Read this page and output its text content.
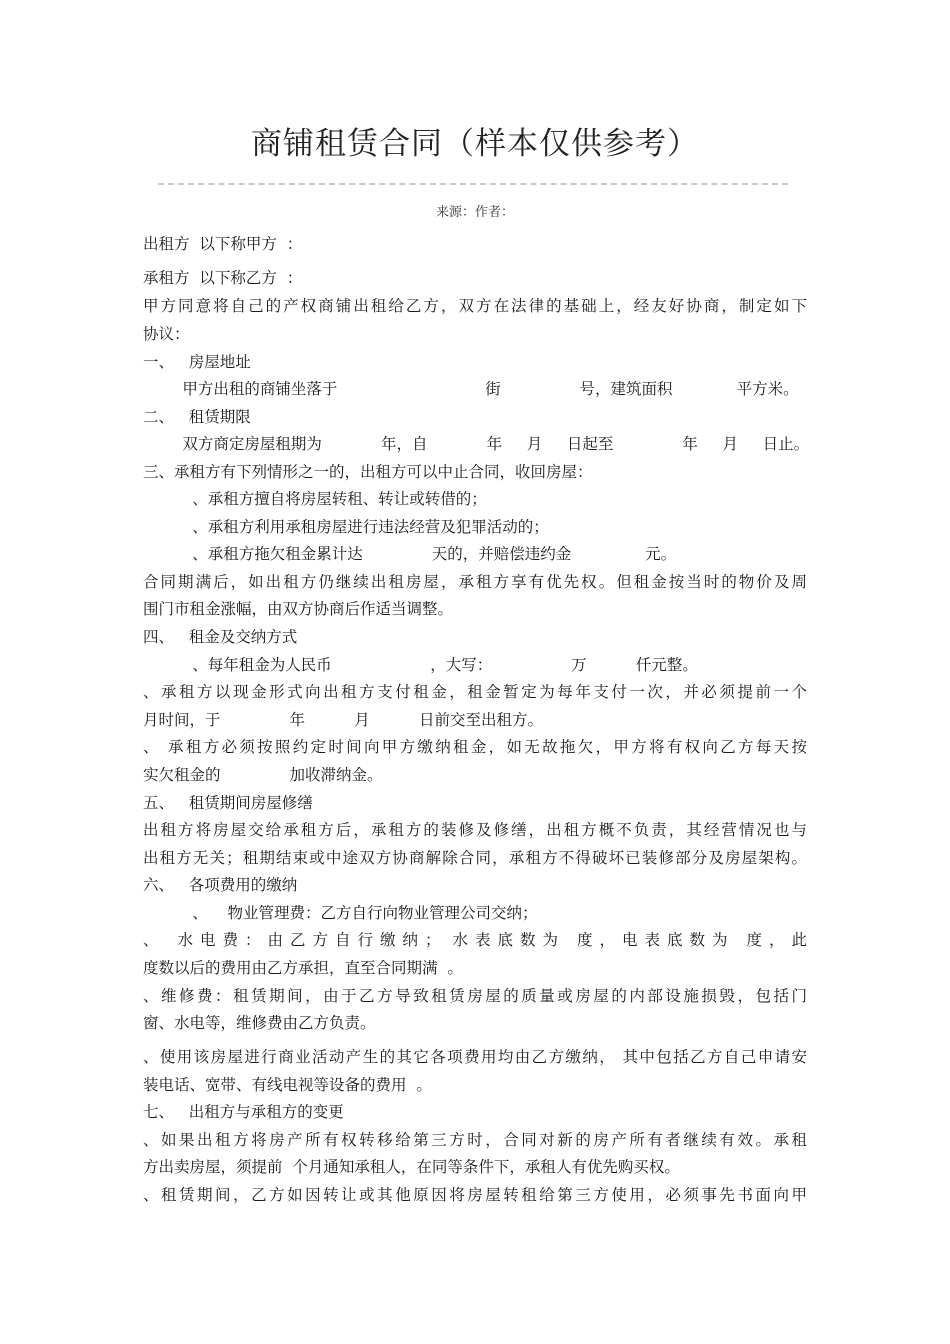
商铺租赁合同（样本仅供参考）
来源：作者：
出租方  以下称甲方  ：
承租方  以下称乙方  ：
甲方同意将自己的产权商铺出租给乙方，双方在法律的基础上，经友好协商，制定如下
协议：
一、   房屋地址
甲方出租的商铺坐落于                              街                号，建筑面积             平方米。
二、   租赁期限
双方商定房屋租期为            年，自            年     月     日起至              年     月     日止。
三、承租方有下列情形之一的，出租方可以中止合同，收回房屋：
、承租方擅自将房屋转租、转让或转借的；
、承租方利用承租房屋进行违法经营及犯罪活动的；
、承租方拖欠租金累计达              天的，并赔偿违约金               元。
合同期满后，如出租方仍继续出租房屋，承租方享有优先权。但租金按当时的物价及周
围门市租金涨幅，由双方协商后作适当调整。
四、   租金及交纳方式
、每年租金为人民币                    ，大写：                万          仟元整。
、承租方以现金形式向出租方支付租金，租金暂定为每年支付一次，并必须提前一个
月时间，于              年          月          日前交至出租方。
、 承租方必须按照约定时间向甲方缴纳租金，如无故拖欠，甲方将有权向乙方每天按
实欠租金的              加收滞纳金。
五、   租赁期间房屋修缮
出租方将房屋交给承租方后，承租方的装修及修缮，出租方概不负责，其经营情况也与
出租方无关；租期结束或中途双方协商解除合同，承租方不得破坏已装修部分及房屋架构。
六、   各项费用的缴纳
、    物业管理费：乙方自行向物业管理公司交纳；
、 水电费：由乙方自行缴纳； 水表底数为 度，电表底数为 度，此
度数以后的费用由乙方承担，直至合同期满  。
、维修费：租赁期间，由于乙方导致租赁房屋的质量或房屋的内部设施损毁，包括门
窗、水电等，维修费由乙方负责。
、使用该房屋进行商业活动产生的其它各项费用均由乙方缴纳， 其中包括乙方自己申请安
装电话、宽带、有线电视等设备的费用  。
七、   出租方与承租方的变更
、如果出租方将房产所有权转移给第三方时，合同对新的房产所有者继续有效。承租
方出卖房屋，须提前  个月通知承租人，在同等条件下，承租人有优先购买权。
、租赁期间，乙方如因转让或其他原因将房屋转租给第三方使用，必须事先书面向甲
